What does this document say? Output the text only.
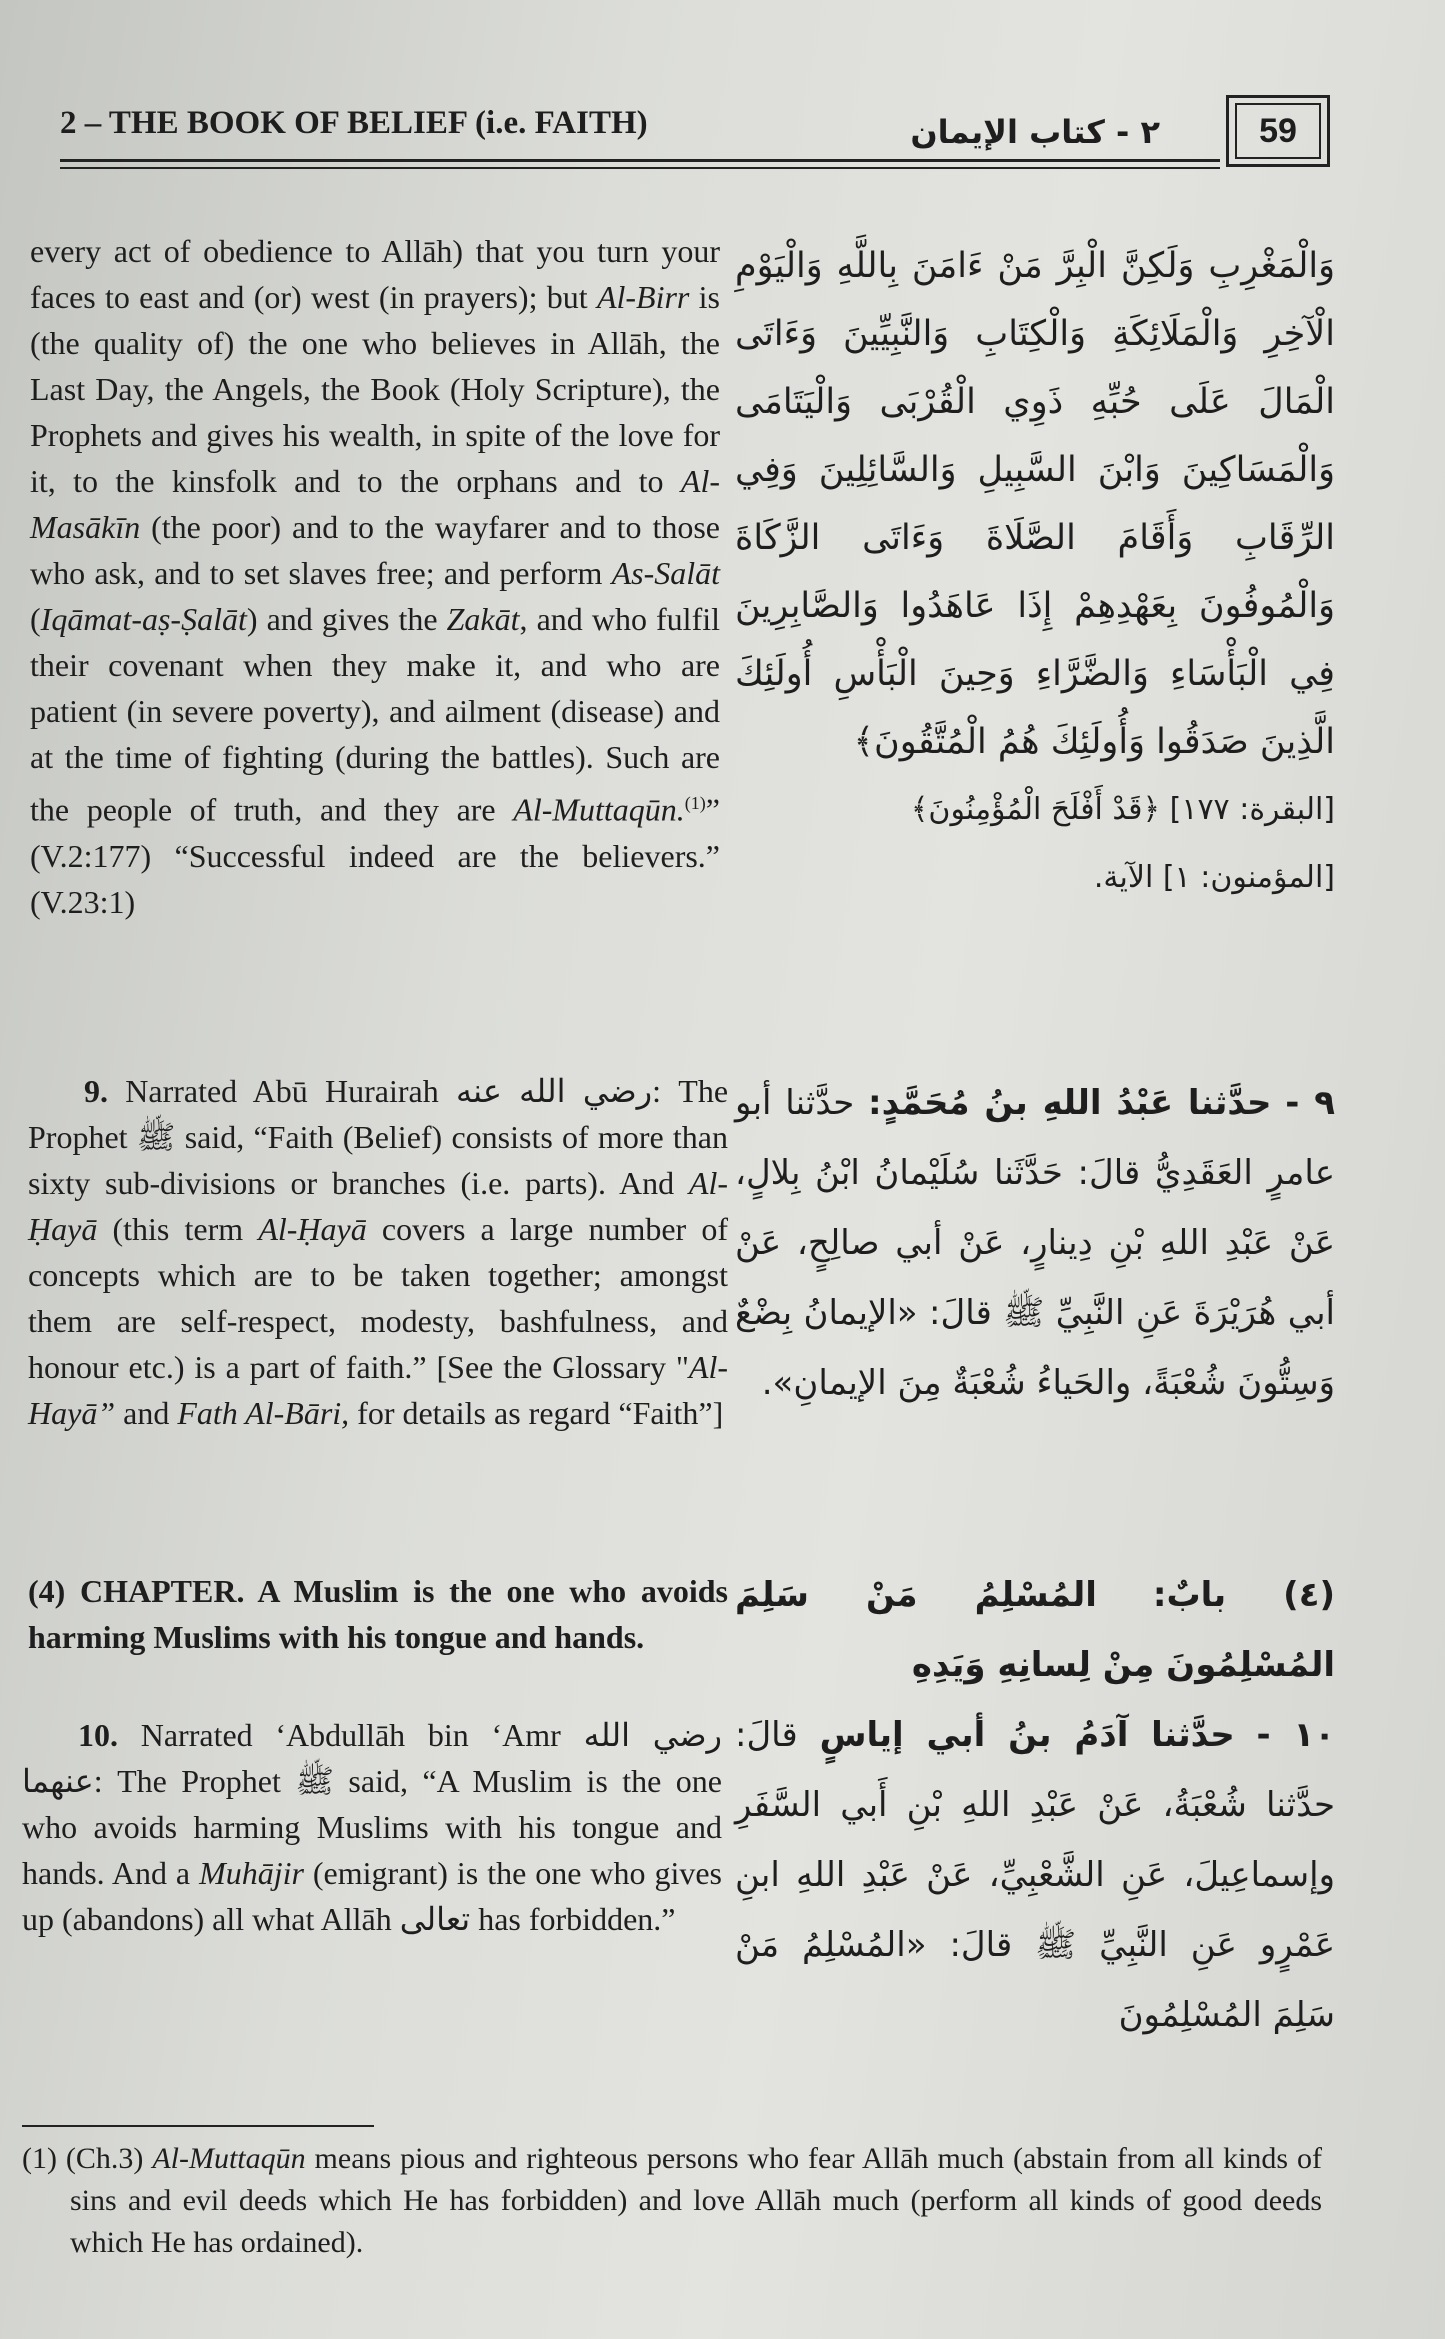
2 – THE BOOK OF BELIEF (i.e. FAITH)	٢ - كتاب الإيمان	59
every act of obedience to Allāh) that you turn your faces to east and (or) west (in prayers); but Al-Birr is (the quality of) the one who believes in Allāh, the Last Day, the Angels, the Book (Holy Scripture), the Prophets and gives his wealth, in spite of the love for it, to the kinsfolk and to the orphans and to Al-Masākīn (the poor) and to the wayfarer and to those who ask, and to set slaves free; and perform As-Salāt (Iqāmat-aṣ-Ṣalāt) and gives the Zakāt, and who fulfil their covenant when they make it, and who are patient (in severe poverty), and ailment (disease) and at the time of fighting (during the battles). Such are the people of truth, and they are Al-Muttaqūn.$^{(1)}$” (V.2:177) “Successful indeed are the believers.” (V.23:1)
وَالْمَغْرِبِ وَلَكِنَّ الْبِرَّ مَنْ ءَامَنَ بِاللَّهِ وَالْيَوْمِ الْآخِرِ وَالْمَلَائِكَةِ وَالْكِتَابِ وَالنَّبِيِّينَ وَءَاتَى الْمَالَ عَلَى حُبِّهِ ذَوِي الْقُرْبَى وَالْيَتَامَى وَالْمَسَاكِينَ وَابْنَ السَّبِيلِ وَالسَّائِلِينَ وَفِي الرِّقَابِ وَأَقَامَ الصَّلَاةَ وَءَاتَى الزَّكَاةَ وَالْمُوفُونَ بِعَهْدِهِمْ إِذَا عَاهَدُوا وَالصَّابِرِينَ فِي الْبَأْسَاءِ وَالضَّرَّاءِ وَحِينَ الْبَأْسِ أُولَئِكَ الَّذِينَ صَدَقُوا وَأُولَئِكَ هُمُ الْمُتَّقُونَ﴾
[البقرة: ١٧٧] ﴿قَدْ أَفْلَحَ الْمُؤْمِنُونَ﴾
[المؤمنون: ١] الآية.
9. Narrated Abū Hurairah رضي الله عنه: The Prophet ﷺ said, “Faith (Belief) consists of more than sixty sub-divisions or branches (i.e. parts). And Al-Ḥayā (this term Al-Ḥayā covers a large number of concepts which are to be taken together; amongst them are self-respect, modesty, bashfulness, and honour etc.) is a part of faith.” [See the Glossary "Al-Hayā” and Fath Al-Bāri, for details as regard “Faith”]
٩ - حدَّثنا عَبْدُ اللهِ بنُ مُحَمَّدٍ: حدَّثنا أبو عامرٍ العَقَدِيُّ قالَ: حَدَّثَنا سُلَيْمانُ ابْنُ بِلالٍ، عَنْ عَبْدِ اللهِ بْنِ دِينارٍ، عَنْ أبي صالِحٍ، عَنْ أبي هُرَيْرَةَ عَنِ النَّبِيِّ ﷺ قالَ: «الإيمانُ بِضْعٌ وَسِتُّونَ شُعْبَةً، والحَياءُ شُعْبَةٌ مِنَ الإيمانِ».
(4) CHAPTER. A Muslim is the one who avoids harming Muslims with his tongue and hands.
(٤) بابٌ: المُسْلِمُ مَنْ سَلِمَ المُسْلِمُونَ مِنْ لِسانِهِ وَيَدِهِ
10. Narrated ‘Abdullāh bin ‘Amr رضي الله عنهما: The Prophet ﷺ said, “A Muslim is the one who avoids harming Muslims with his tongue and hands. And a Muhājir (emigrant) is the one who gives up (abandons) all what Allāh تعالى has forbidden.”
١٠ - حدَّثنا آدَمُ بنُ أبي إياسٍ قالَ: حدَّثنا شُعْبَةُ، عَنْ عَبْدِ اللهِ بْنِ أَبي السَّفَرِ وإسماعِيلَ، عَنِ الشَّعْبِيِّ، عَنْ عَبْدِ اللهِ ابنِ عَمْرٍو عَنِ النَّبِيِّ ﷺ قالَ: «المُسْلِمُ مَنْ سَلِمَ المُسْلِمُونَ
(1) (Ch.3) Al-Muttaqūn means pious and righteous persons who fear Allāh much (abstain from all kinds of sins and evil deeds which He has forbidden) and love Allāh much (perform all kinds of good deeds which He has ordained).
